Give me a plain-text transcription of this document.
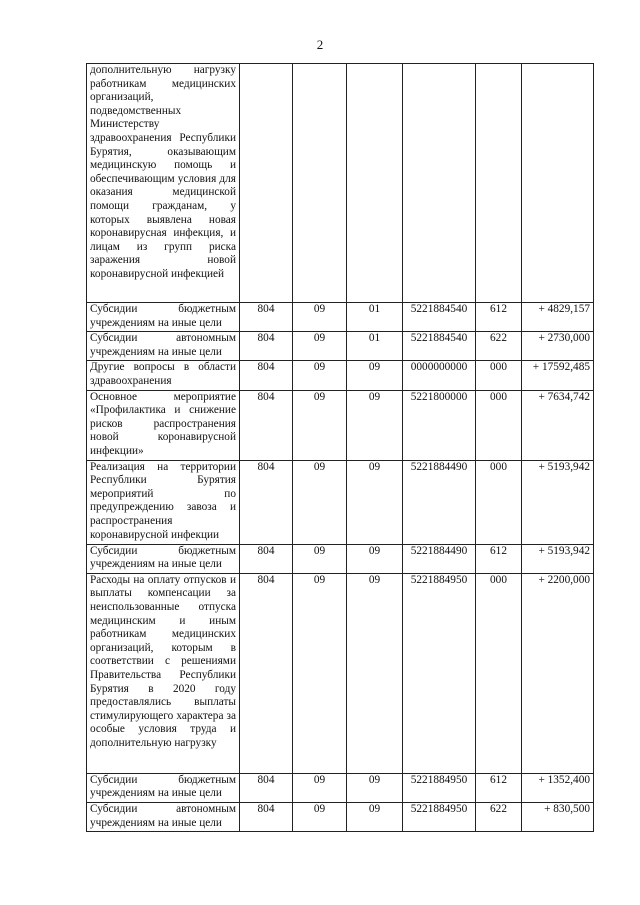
2
дополнительную нагрузку работникам медицинских организаций, подведомственных Министерству здравоохранения Республики Бурятия, оказывающим медицинскую помощь и обеспечивающим условия для оказания медицинской помощи гражданам, у которых выявлена новая коронавирусная инфекция, и лицам из групп риска заражения новой коронавирусной инфекцией						
Субсидии бюджетным учреждениям на иные цели	804	09	01	5221884540	612	+ 4829,157
Субсидии автономным учреждениям на иные цели	804	09	01	5221884540	622	+ 2730,000
Другие вопросы в области здравоохранения	804	09	09	0000000000	000	+ 17592,485
Основное мероприятие «Профилактика и снижение рисков распространения новой коронавирусной инфекции»	804	09	09	5221800000	000	+ 7634,742
Реализация на территории Республики Бурятия мероприятий по предупреждению завоза и распространения коронавирусной инфекции	804	09	09	5221884490	000	+ 5193,942
Субсидии бюджетным учреждениям на иные цели	804	09	09	5221884490	612	+ 5193,942
Расходы на оплату отпусков и выплаты компенсации за неиспользованные отпуска медицинским и иным работникам медицинских организаций, которым в соответствии с решениями Правительства Республики Бурятия в 2020 году предоставлялись выплаты стимулирующего характера за особые условия труда и дополнительную нагрузку	804	09	09	5221884950	000	+ 2200,000
Субсидии бюджетным учреждениям на иные цели	804	09	09	5221884950	612	+ 1352,400
Субсидии автономным учреждениям на иные цели	804	09	09	5221884950	622	+ 830,500
